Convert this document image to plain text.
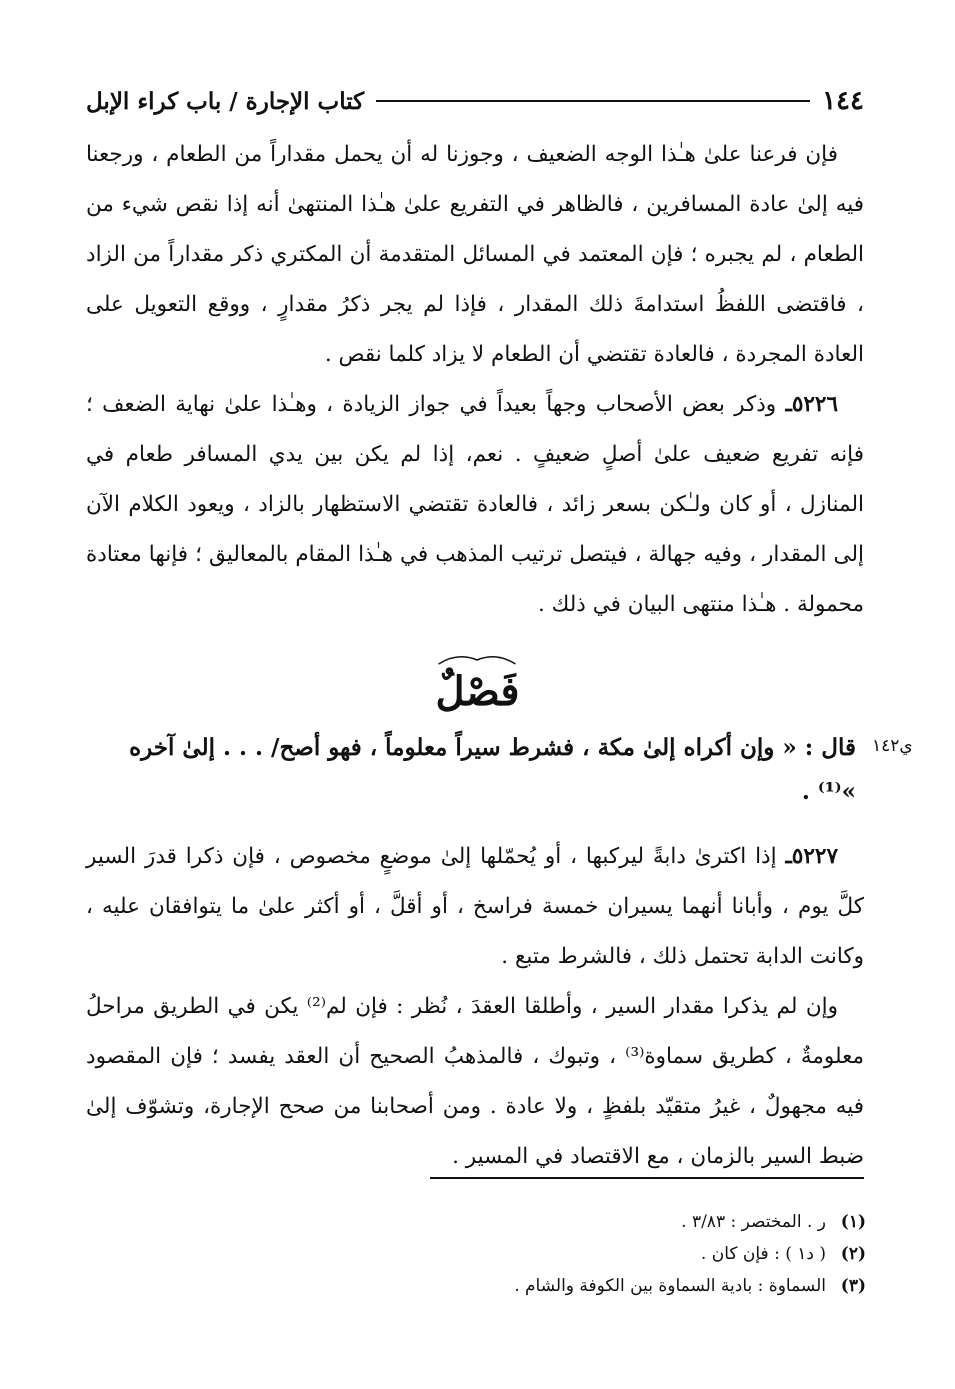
١٤٤
كتاب الإجارة / باب كراء الإبل

فإن فرعنا علىٰ هـٰذا الوجه الضعيف ، وجوزنا له أن يحمل مقداراً من الطعام ، ورجعنا فيه إلىٰ عادة المسافرين ، فالظاهر في التفريع علىٰ هـٰذا المنتهىٰ أنه إذا نقص شيء من الطعام ، لم يجبره ؛ فإن المعتمد في المسائل المتقدمة أن المكتري ذكر مقداراً من الزاد ، فاقتضى اللفظُ استدامةَ ذلك المقدار ، فإذا لم يجر ذكرُ مقدارٍ ، ووقع التعويل على العادة المجردة ، فالعادة تقتضي أن الطعام لا يزاد كلما نقص .

٥٢٢٦ـ وذكر بعض الأصحاب وجهاً بعيداً في جواز الزيادة ، وهـٰذا علىٰ نهاية الضعف ؛ فإنه تفريع ضعيف علىٰ أصلٍ ضعيفٍ . نعم، إذا لم يكن بين يدي المسافر طعام في المنازل ، أو كان ولـٰكن بسعر زائد ، فالعادة تقتضي الاستظهار بالزاد ، ويعود الكلام الآن إلى المقدار ، وفيه جهالة ، فيتصل ترتيب المذهب في هـٰذا المقام بالمعاليق ؛ فإنها معتادة محمولة . هـٰذا منتهى البيان في ذلك .

فَصْلٌ
ي١٤٢
قال : « وإن أكراه إلىٰ مكة ، فشرط سيراً معلوماً ، فهو أصح/ . . . إلىٰ آخره »⁽¹⁾ .

٥٢٢٧ـ إذا اكترىٰ دابةً ليركبها ، أو يُحمّلها إلىٰ موضعٍ مخصوص ، فإن ذكرا قدرَ السير كلَّ يوم ، وأبانا أنهما يسيران خمسة فراسخ ، أو أقلَّ ، أو أكثر علىٰ ما يتوافقان عليه ، وكانت الدابة تحتمل ذلك ، فالشرط متبع .

وإن لم يذكرا مقدار السير ، وأطلقا العقدَ ، نُظر : فإن لم⁽²⁾ يكن في الطريق مراحلُ معلومةٌ ، كطريق سماوة⁽³⁾ ، وتبوك ، فالمذهبُ الصحيح أن العقد يفسد ؛ فإن المقصود فيه مجهولٌ ، غيرُ متقيّد بلفظٍ ، ولا عادة . ومن أصحابنا من صحح الإجارة، وتشوّف إلىٰ ضبط السير بالزمان ، مع الاقتصاد في المسير .

(١)ر . المختصر : ٣/٨٣ .
(٢)( د١ ) : فإن كان .
(٣)السماوة : بادية السماوة بين الكوفة والشام .
